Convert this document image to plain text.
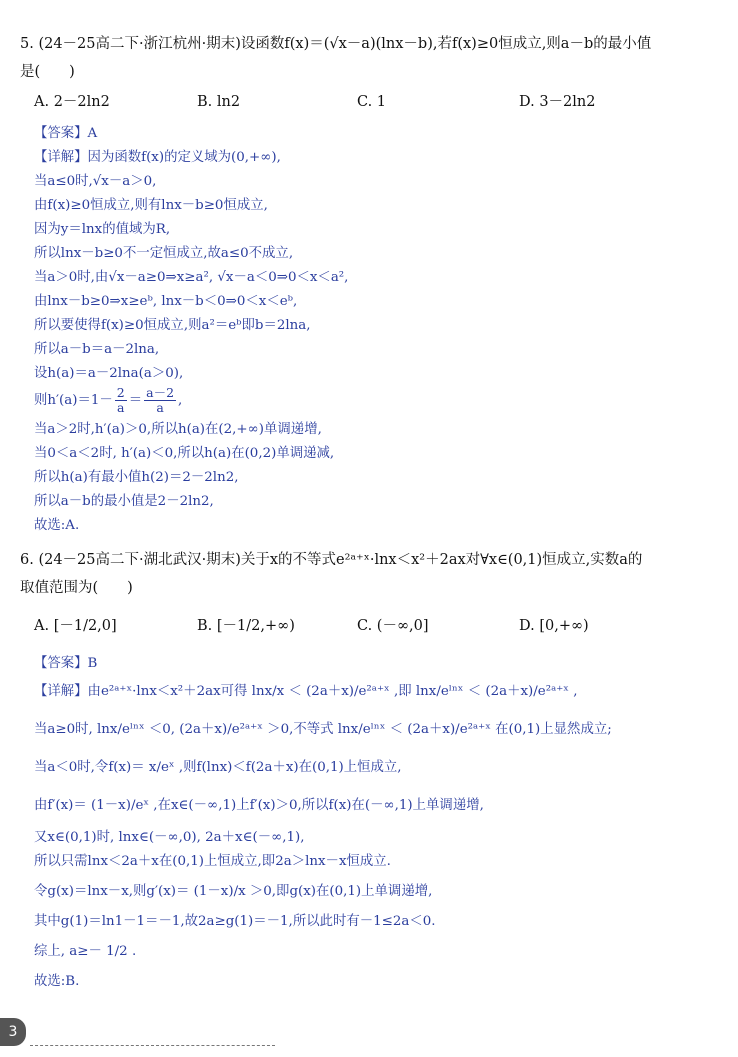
5. (24－25高二下·浙江杭州·期末)设函数f(x)＝(√x－a)(lnx－b),若f(x)≥0恒成立,则a－b的最小值
是(　　)
A. 2－2ln2	B. ln2	C. 1	D. 3－2ln2
【答案】A
【详解】因为函数f(x)的定义域为(0,+∞),
当a≤0时,√x－a＞0,
由f(x)≥0恒成立,则有lnx－b≥0恒成立,
因为y＝lnx的值域为R,
所以lnx－b≥0不一定恒成立,故a≤0不成立,
当a＞0时,由√x－a≥0⇒x≥a², √x－a＜0⇒0＜x＜a²,
由lnx－b≥0⇒x≥eᵇ, lnx－b＜0⇒0＜x＜eᵇ,
所以要使得f(x)≥0恒成立,则a²＝eᵇ即b＝2lna,
所以a－b＝a－2lna,
设h(a)＝a－2lna(a＞0),
则$h'(a)=1- \frac{2}{a} = \frac{a-2}{a}$ ,
当a＞2时,h′(a)＞0,所以h(a)在(2,+∞)单调递增,
当0＜a＜2时, h′(a)＜0,所以h(a)在(0,2)单调递减,
所以h(a)有最小值h(2)＝2－2ln2,
所以a－b的最小值是2－2ln2,
故选:A.
6. (24－25高二下·湖北武汉·期末)关于x的不等式e²ᵃ⁺ˣ·lnx＜x²＋2ax对∀x∈(0,1)恒成立,实数a的
取值范围为(　　)
A. [－1/2,0]	B. [－1/2,+∞)	C. (－∞,0]	D. [0,+∞)
【答案】B
【详解】由e²ᵃ⁺ˣ·lnx＜x²＋2ax可得 lnx/x ＜ (2a＋x)/e²ᵃ⁺ˣ ,即 lnx/eˡⁿˣ ＜ (2a＋x)/e²ᵃ⁺ˣ ,
当a≥0时, lnx/eˡⁿˣ ＜0, (2a＋x)/e²ᵃ⁺ˣ ＞0,不等式 lnx/eˡⁿˣ ＜ (2a＋x)/e²ᵃ⁺ˣ 在(0,1)上显然成立;
当a＜0时,令f(x)＝ x/eˣ ,则f(lnx)＜f(2a＋x)在(0,1)上恒成立,
由f′(x)＝ (1－x)/eˣ ,在x∈(－∞,1)上f′(x)＞0,所以f(x)在(－∞,1)上单调递增,
又x∈(0,1)时, lnx∈(－∞,0), 2a＋x∈(－∞,1),
所以只需lnx＜2a＋x在(0,1)上恒成立,即2a＞lnx－x恒成立.
令g(x)＝lnx－x,则g′(x)＝ (1－x)/x ＞0,即g(x)在(0,1)上单调递增,
其中g(1)＝ln1－1＝－1,故2a≥g(1)＝－1,所以此时有－1≤2a＜0.
综上, a≥－ 1/2 .
故选:B.
3
